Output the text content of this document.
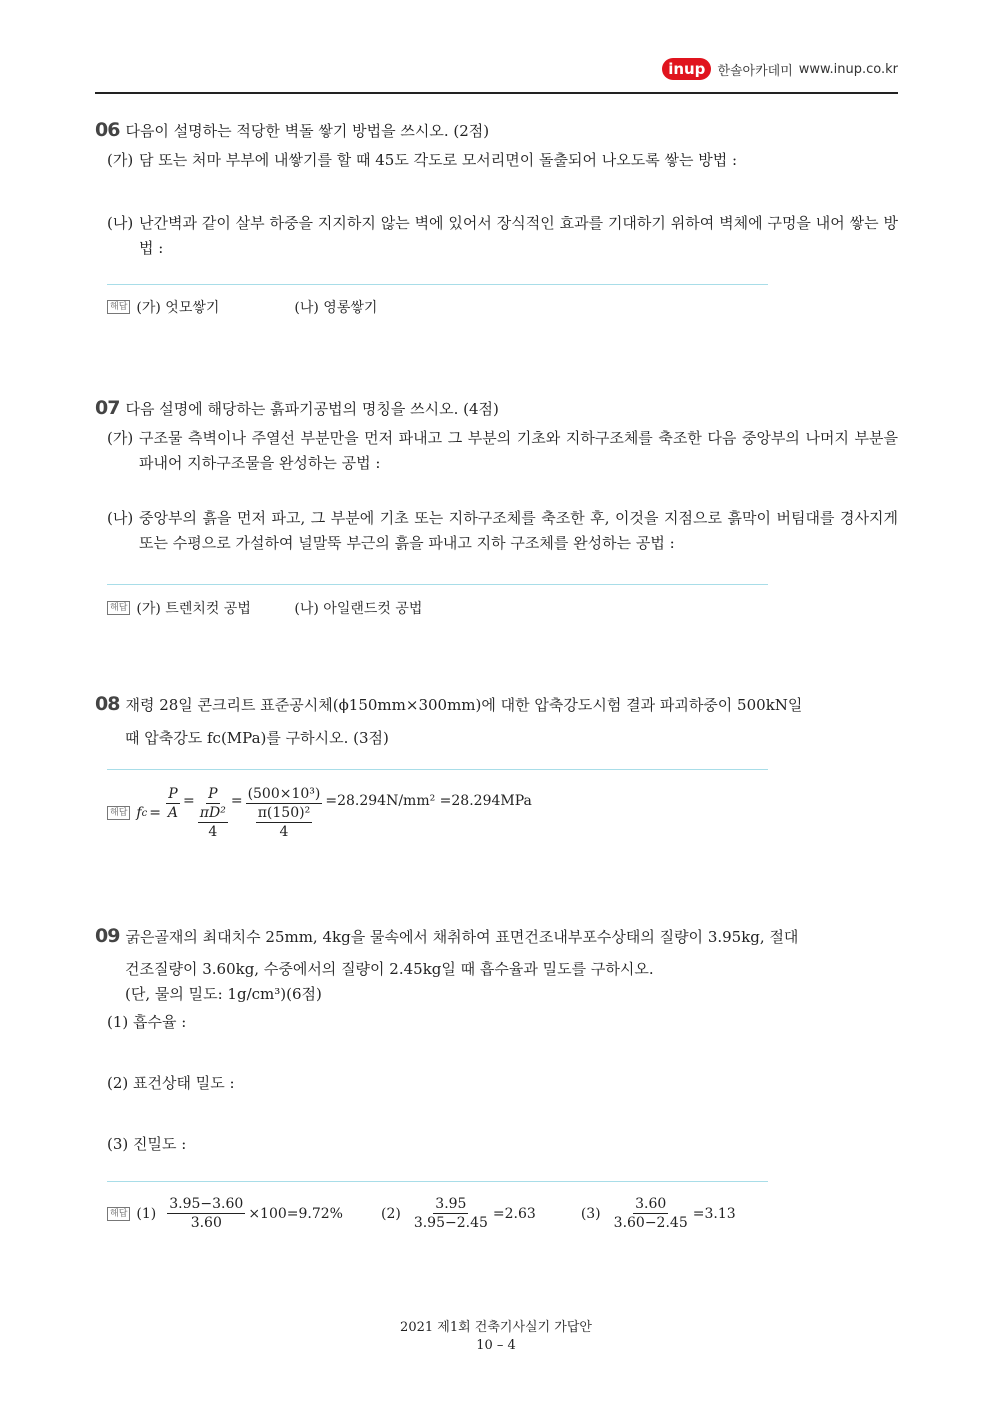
inup 한솔아카데미 www.inup.co.kr
06 다음이 설명하는 적당한 벽돌 쌓기 방법을 쓰시오. (2점)
(가) 담 또는 처마 부부에 내쌓기를 할 때 45도 각도로 모서리면이 돌출되어 나오도록 쌓는 방법 :
(나) 난간벽과 같이 살부 하중을 지지하지 않는 벽에 있어서 장식적인 효과를 기대하기 위하여 벽체에 구멍을 내어 쌓는 방법 :
해답 (가) 엇모쌓기	(나) 영롱쌓기
07 다음 설명에 해당하는 흙파기공법의 명칭을 쓰시오. (4점)
(가) 구조물 측벽이나 주열선 부분만을 먼저 파내고 그 부분의 기초와 지하구조체를 축조한 다음 중앙부의 나머지 부분을 파내어 지하구조물을 완성하는 공법 :
(나) 중앙부의 흙을 먼저 파고, 그 부분에 기초 또는 지하구조체를 축조한 후, 이것을 지점으로 흙막이 버팀대를 경사지게 또는 수평으로 가설하여 널말뚝 부근의 흙을 파내고 지하 구조체를 완성하는 공법 :
해답 (가) 트렌치컷 공법	(나) 아일랜드컷 공법
08 재령 28일 콘크리트 표준공시체(ϕ150mm×300mm)에 대한 압축강도시험 결과 파괴하중이 500kN일
때 압축강도 fc(MPa)를 구하시오. (3점)
해답 f $c = \frac{P}{A} = \frac{P}{\frac{\text{πD²}}{4}} = \frac{\text{(500×10³)}}{\frac{\text{π(150)²}}{4}} =28.294N/mm^2 =28.294MPa$
09 굵은골재의 최대치수 25mm, 4kg을 물속에서 채취하여 표면건조내부포수상태의 질량이 3.95kg, 절대
건조질량이 3.60kg, 수중에서의 질량이 2.45kg일 때 흡수율과 밀도를 구하시오.
(단, 물의 밀도: 1g/cm³)(6점)
(1) 흡수율 :
(2) 표건상태 밀도 :
(3) 진밀도 :
해답 $(1) \frac{3.95-3.60}{3.60} \times 100=9.72\%$	$(2) \frac{3.95}{3.95-2.45} =2.63$	$(3) \frac{3.60}{3.60-2.45} =3.13$
2021 제1회 건축기사실기 가답안
10 – 4
